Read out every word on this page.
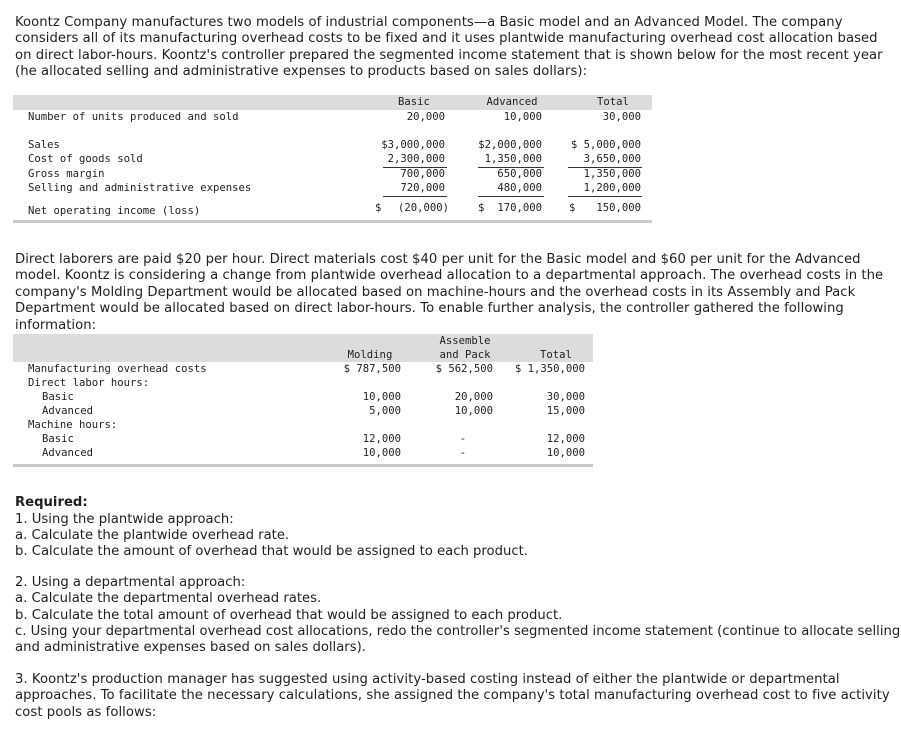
Koontz Company manufactures two models of industrial components—a Basic model and an Advanced Model. The company considers all of its manufacturing overhead costs to be fixed and it uses plantwide manufacturing overhead cost allocation based on direct labor-hours. Koontz's controller prepared the segmented income statement that is shown below for the most recent year (he allocated selling and administrative expenses to products based on sales dollars):

Basic	Advanced	Total
Number of units produced and sold	20,000	10,000	30,000
Sales	$3,000,000	$2,000,000	$ 5,000,000
Cost of goods sold	2,300,000	1,350,000	3,650,000
Gross margin	700,000	650,000	1,350,000
Selling and administrative expenses	720,000	480,000	1,200,000
Net operating income (loss)	$	(20,000)	$	170,000	$	150,000

Direct laborers are paid $20 per hour. Direct materials cost $40 per unit for the Basic model and $60 per unit for the Advanced model. Koontz is considering a change from plantwide overhead allocation to a departmental approach. The overhead costs in the company's Molding Department would be allocated based on machine-hours and the overhead costs in its Assembly and Pack Department would be allocated based on direct labor-hours. To enable further analysis, the controller gathered the following information:

Assemble
Molding	and Pack	Total
Manufacturing overhead costs	$ 787,500	$ 562,500	$ 1,350,000
Direct labor hours:
Basic	10,000	20,000	30,000
Advanced	5,000	10,000	15,000
Machine hours:
Basic	12,000	-	12,000
Advanced	10,000	-	10,000
Required:
1. Using the plantwide approach:
a. Calculate the plantwide overhead rate.
b. Calculate the amount of overhead that would be assigned to each product.
2. Using a departmental approach:
a. Calculate the departmental overhead rates.
b. Calculate the total amount of overhead that would be assigned to each product.
c. Using your departmental overhead cost allocations, redo the controller's segmented income statement (continue to allocate selling
and administrative expenses based on sales dollars).

3. Koontz's production manager has suggested using activity-based costing instead of either the plantwide or departmental approaches. To facilitate the necessary calculations, she assigned the company's total manufacturing overhead cost to five activity cost pools as follows:
